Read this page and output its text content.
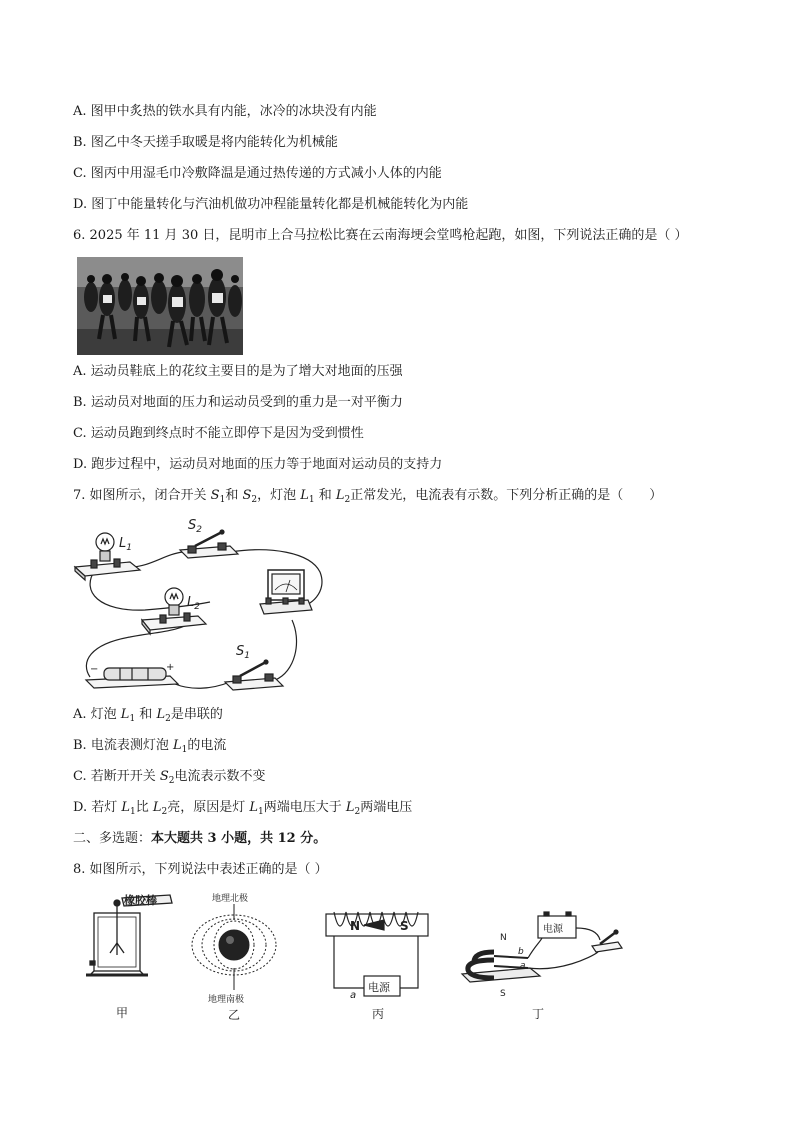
A. 图甲中炙热的铁水具有内能，冰冷的冰块没有内能
B. 图乙中冬天搓手取暖是将内能转化为机械能
C. 图丙中用湿毛巾冷敷降温是通过热传递的方式减小人体的内能
D. 图丁中能量转化与汽油机做功冲程能量转化都是机械能转化为内能
6. 2025 年 11 月 30 日，昆明市上合马拉松比赛在云南海埂会堂鸣枪起跑，如图，下列说法正确的是（ ）
A. 运动员鞋底上的花纹主要目的是为了增大对地面的压强
B. 运动员对地面的压力和运动员受到的重力是一对平衡力
C. 运动员跑到终点时不能立即停下是因为受到惯性
D. 跑步过程中，运动员对地面的压力等于地面对运动员的支持力
7. 如图所示，闭合开关 $S_1$和 $S_2$，灯泡 $L_1$ 和 $L_2$正常发光，电流表有示数。下列分析正确的是（　　）
$L_1$
$S_2$
$L_2$
−	+
$S_1$
A. 灯泡 $L_1$ 和 $L_2$是串联的
B. 电流表测灯泡 $L_1$的电流
C. 若断开开关 $S_2$电流表示数不变
D. 若灯 $L_1$比 $L_2$亮，原因是灯 $L_1$两端电压大于 $L_2$两端电压
二、多选题：本大题共 3 小题，共 12 分。
8. 如图所示，下列说法中表述正确的是（ ）
橡胶棒
甲
地理北极
地理南极
乙
N	S
电源
a
丙
N
S
b
a
电源
丁
